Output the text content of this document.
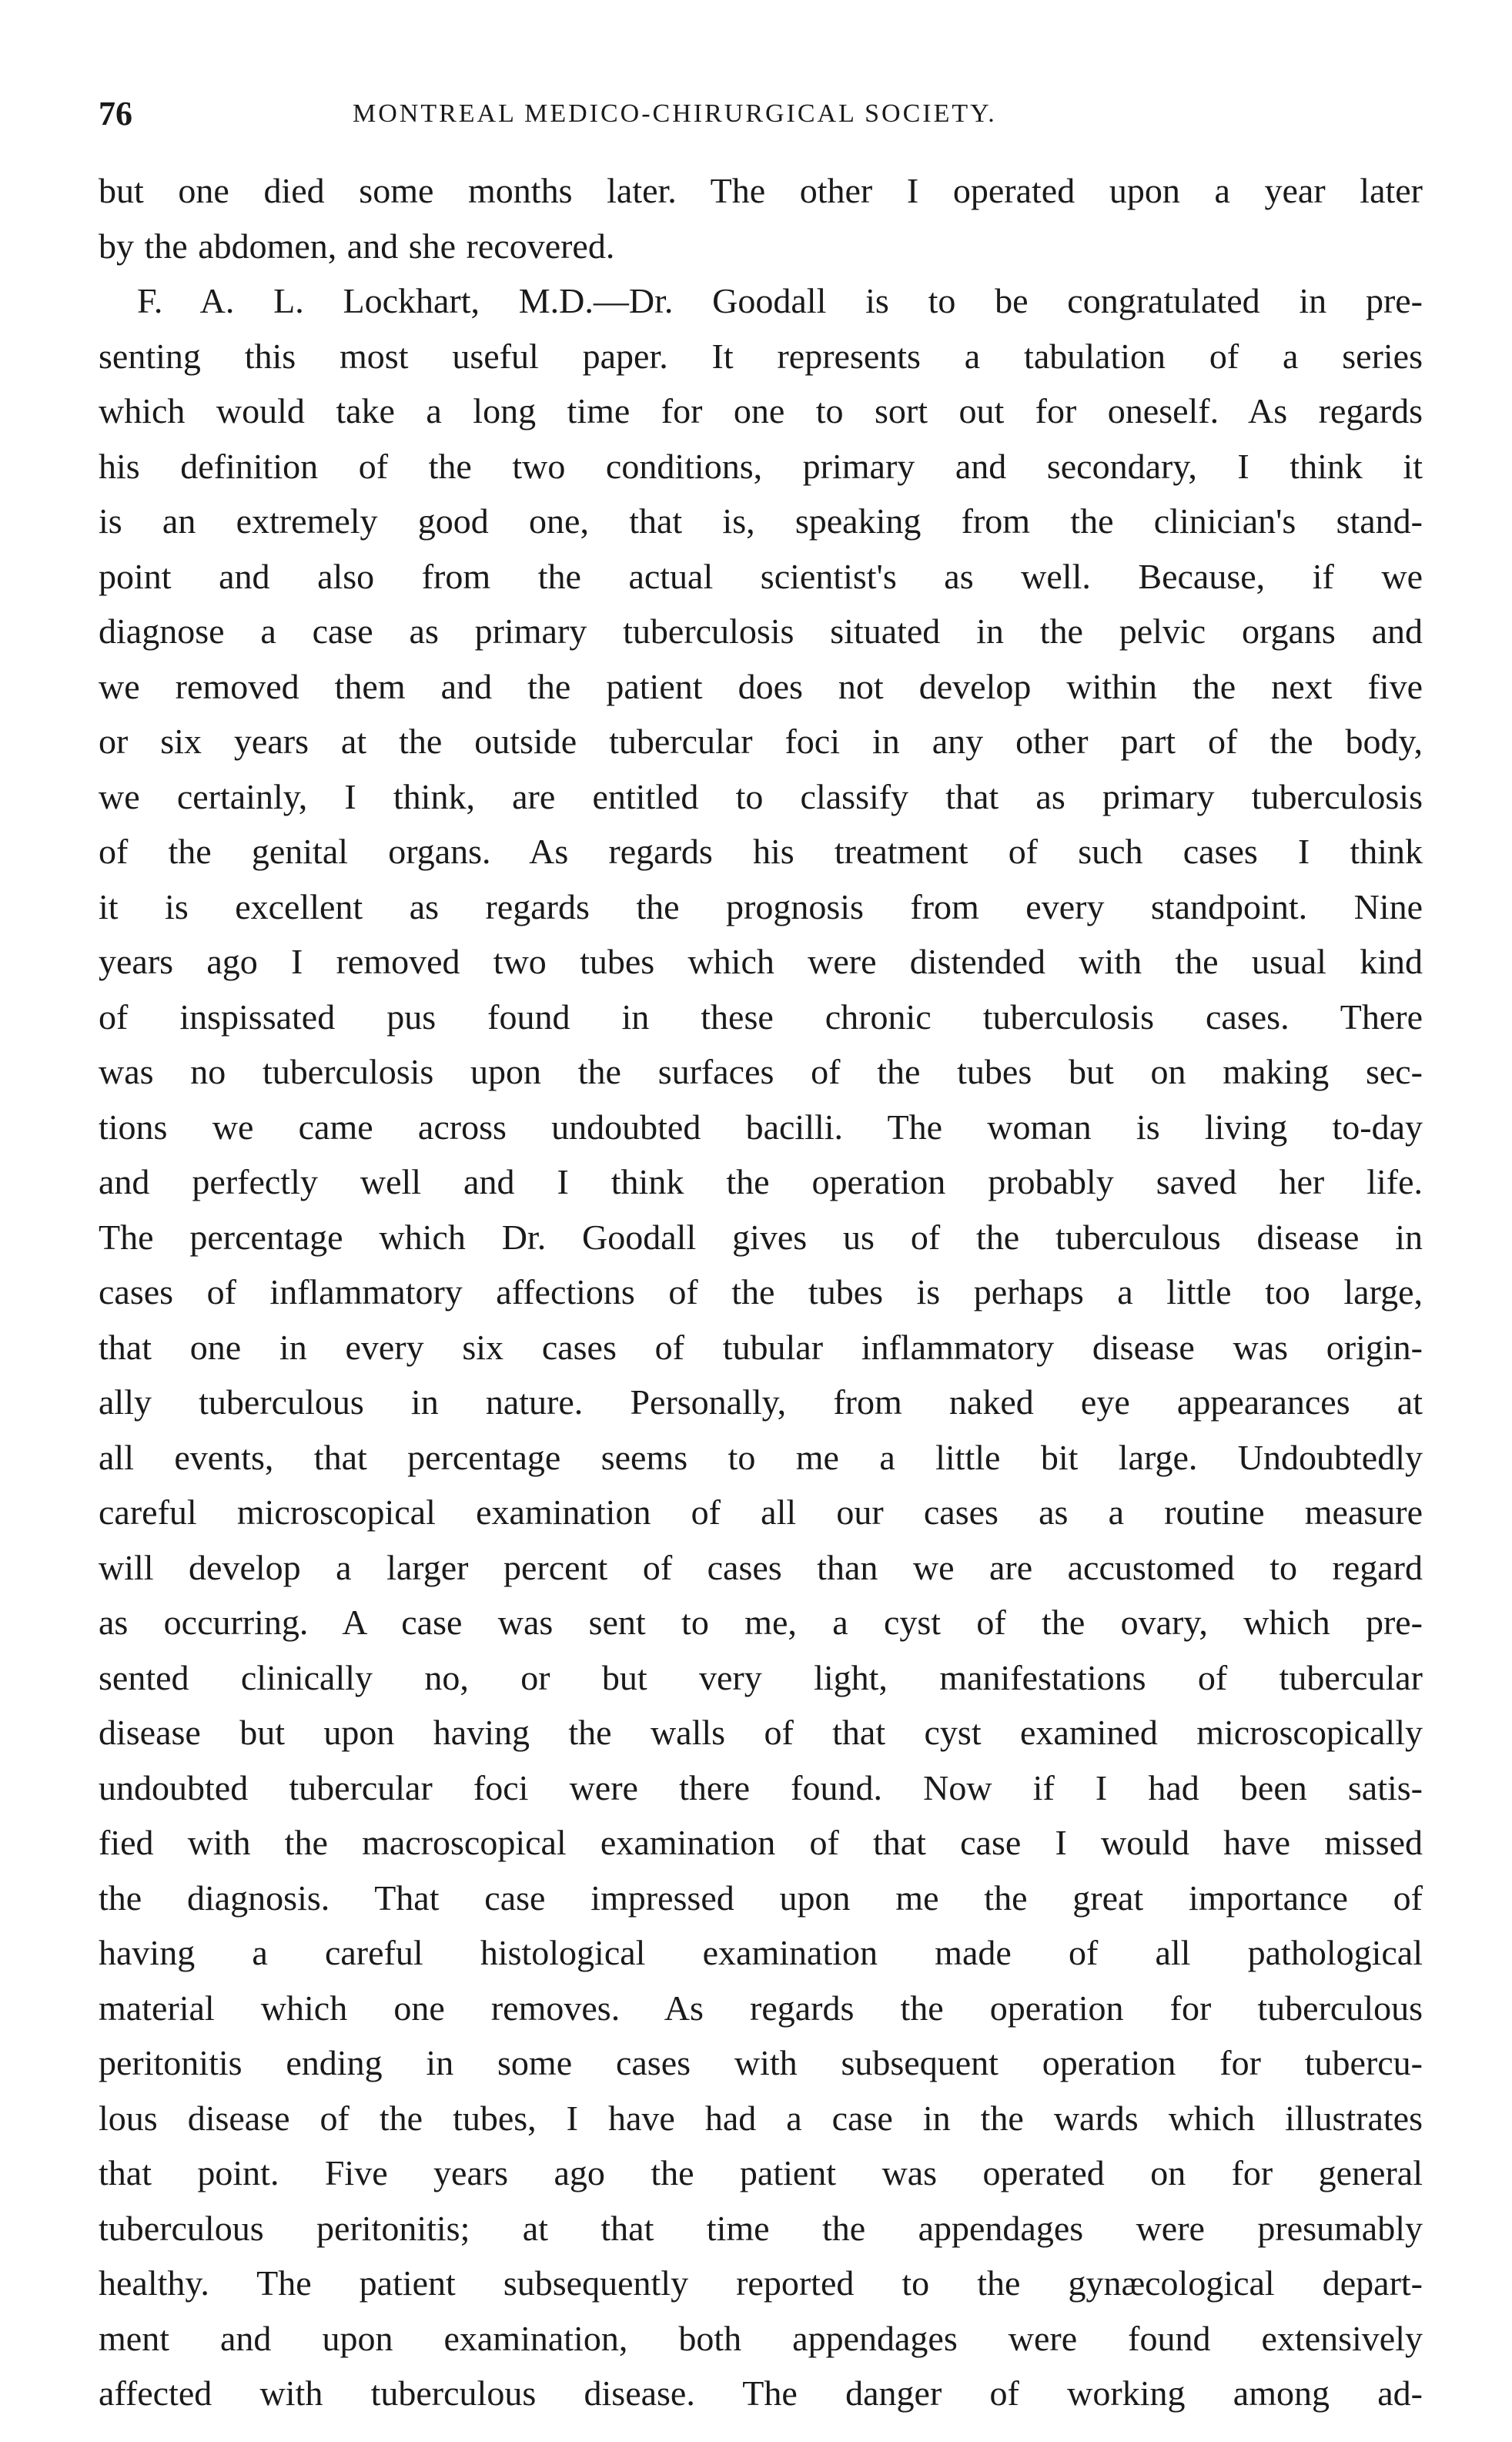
76	MONTREAL MEDICO-CHIRURGICAL SOCIETY.
but one died some months later. The other I operated upon a year later
by the abdomen, and she recovered.
F. A. L. Lockhart, M.D.—Dr. Goodall is to be congratulated in pre-
senting this most useful paper. It represents a tabulation of a series
which would take a long time for one to sort out for oneself. As regards
his definition of the two conditions, primary and secondary, I think it
is an extremely good one, that is, speaking from the clinician's stand-
point and also from the actual scientist's as well. Because, if we
diagnose a case as primary tuberculosis situated in the pelvic organs and
we removed them and the patient does not develop within the next five
or six years at the outside tubercular foci in any other part of the body,
we certainly, I think, are entitled to classify that as primary tuberculosis
of the genital organs. As regards his treatment of such cases I think
it is excellent as regards the prognosis from every standpoint. Nine
years ago I removed two tubes which were distended with the usual kind
of inspissated pus found in these chronic tuberculosis cases. There
was no tuberculosis upon the surfaces of the tubes but on making sec-
tions we came across undoubted bacilli. The woman is living to-day
and perfectly well and I think the operation probably saved her life.
The percentage which Dr. Goodall gives us of the tuberculous disease in
cases of inflammatory affections of the tubes is perhaps a little too large,
that one in every six cases of tubular inflammatory disease was origin-
ally tuberculous in nature. Personally, from naked eye appearances at
all events, that percentage seems to me a little bit large. Undoubtedly
careful microscopical examination of all our cases as a routine measure
will develop a larger percent of cases than we are accustomed to regard
as occurring. A case was sent to me, a cyst of the ovary, which pre-
sented clinically no, or but very light, manifestations of tubercular
disease but upon having the walls of that cyst examined microscopically
undoubted tubercular foci were there found. Now if I had been satis-
fied with the macroscopical examination of that case I would have missed
the diagnosis. That case impressed upon me the great importance of
having a careful histological examination made of all pathological
material which one removes. As regards the operation for tuberculous
peritonitis ending in some cases with subsequent operation for tubercu-
lous disease of the tubes, I have had a case in the wards which illustrates
that point. Five years ago the patient was operated on for general
tuberculous peritonitis; at that time the appendages were presumably
healthy. The patient subsequently reported to the gynæcological depart-
ment and upon examination, both appendages were found extensively
affected with tuberculous disease. The danger of working among ad-
